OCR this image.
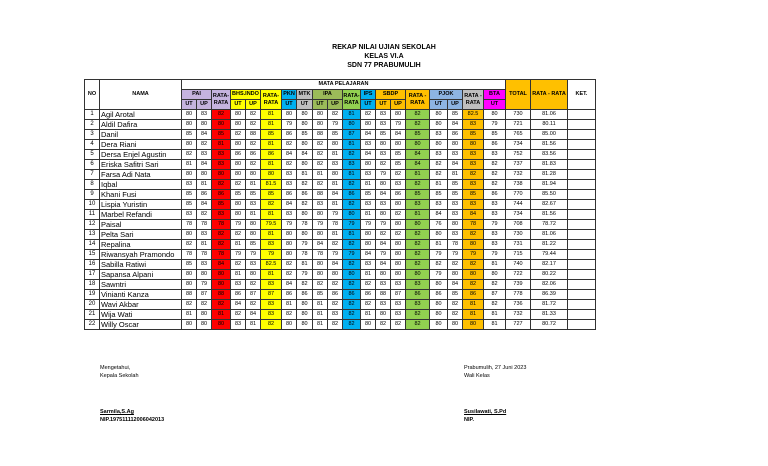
REKAP NILAI UJIAN SEKOLAH
KELAS VI.A
SDN 77 PRABUMULIH
NO	NAMA	MATA PELAJARAN																			TOTAL	RATA - RATA	KET.
		PAI		RATA-RATA	BHS.INDO		RATA-RATA	PKN	MTK	IPA		RATA-RATA	IPS	SBDP		RATA - RATA	PJOK		RATA - RATA	BTA			
		UT	UP		UT	UP		UT	UT	UT	UP		UT	UT	UP		UT	UP		UT			
1	Agil Arotal	80	83	82	80	82	81	80	80	80	82	81	82	83	80	82	80	85	82.5	80	730	81.06	
2	Aldil Dafira	80	80	80	80	82	81	79	80	80	79	80	80	83	79	82	80	84	83	79	721	80.11	
3	Danil	85	84	85	82	88	85	86	85	88	85	87	84	85	84	85	83	86	85	85	765	85.00	
4	Dera Riani	80	82	81	80	82	81	82	80	82	80	81	83	80	80	80	80	80	80	86	734	81.56	
5	Dersa Enjel Agustin	82	83	83	86	86	86	84	84	82	81	82	84	83	85	84	83	83	83	83	752	83.56	
6	Eriska Safitri Sari	81	84	83	80	82	81	82	80	82	83	83	80	82	85	84	82	84	83	82	737	81.83	
7	Farsa Adi Nata	80	80	80	80	80	80	83	81	81	80	81	83	79	82	81	82	81	82	82	732	81.28	
8	Iqbal	83	81	82	82	81	81.5	83	82	82	81	82	81	80	83	82	81	85	83	82	738	81.94	
9	Khani Fusi	85	86	86	85	85	85	86	86	88	84	86	85	84	86	85	85	85	85	86	770	85.50	
10	Lispia Yuristin	85	84	85	80	83	82	84	82	83	81	82	83	83	80	83	83	83	83	83	744	82.67	
11	Marbel Refandi	83	82	83	80	81	81	83	80	80	79	80	81	80	82	81	84	83	84	83	734	81.56	
12	Paisal	78	78	78	79	80	79.5	79	78	79	78	79	79	79	80	80	76	80	78	79	708	78.72	
13	Pelta Sari	80	83	82	82	80	81	80	80	80	81	81	80	82	82	82	80	83	82	83	730	81.06	
14	Repalina	82	81	82	81	85	83	80	79	84	82	82	80	84	80	82	81	78	80	83	731	81.22	
15	Riwansyah Pramondo	78	78	78	79	79	79	80	78	78	79	79	84	79	80	82	79	79	79	79	715	79.44	
16	Sabilla Ratiwi	85	83	84	82	83	82.5	82	81	80	84	82	83	84	80	82	82	82	82	81	740	82.17	
17	Sapansa Alpani	80	80	80	81	80	81	82	79	80	80	80	81	80	80	80	79	80	80	80	722	80.22	
18	Sawntri	80	79	80	83	82	83	84	82	82	82	82	82	83	83	83	80	84	82	82	739	82.06	
19	Vinianti Kanza	88	87	88	86	87	87	86	86	85	86	86	86	88	87	86	86	85	86	87	778	86.39	
20	Wavi Akbar	82	82	82	84	82	83	81	80	81	82	82	82	83	83	83	80	82	81	82	736	81.72	
21	Wija Wati	81	80	81	82	84	83	82	80	81	83	82	81	80	83	82	80	82	81	81	732	81.33	
22	Willy Oscar	80	80	80	83	81	82	80	80	81	82	82	80	82	82	82	80	80	80	81	727	80.72	
Mengetahui,
Kepala Sekolah
Sarmila,S.Ag
NIP.197511112006042013
Prabumulih, 27 Juni 2023
Wali Kelas
Susilawati, S.Pd
NIP.
